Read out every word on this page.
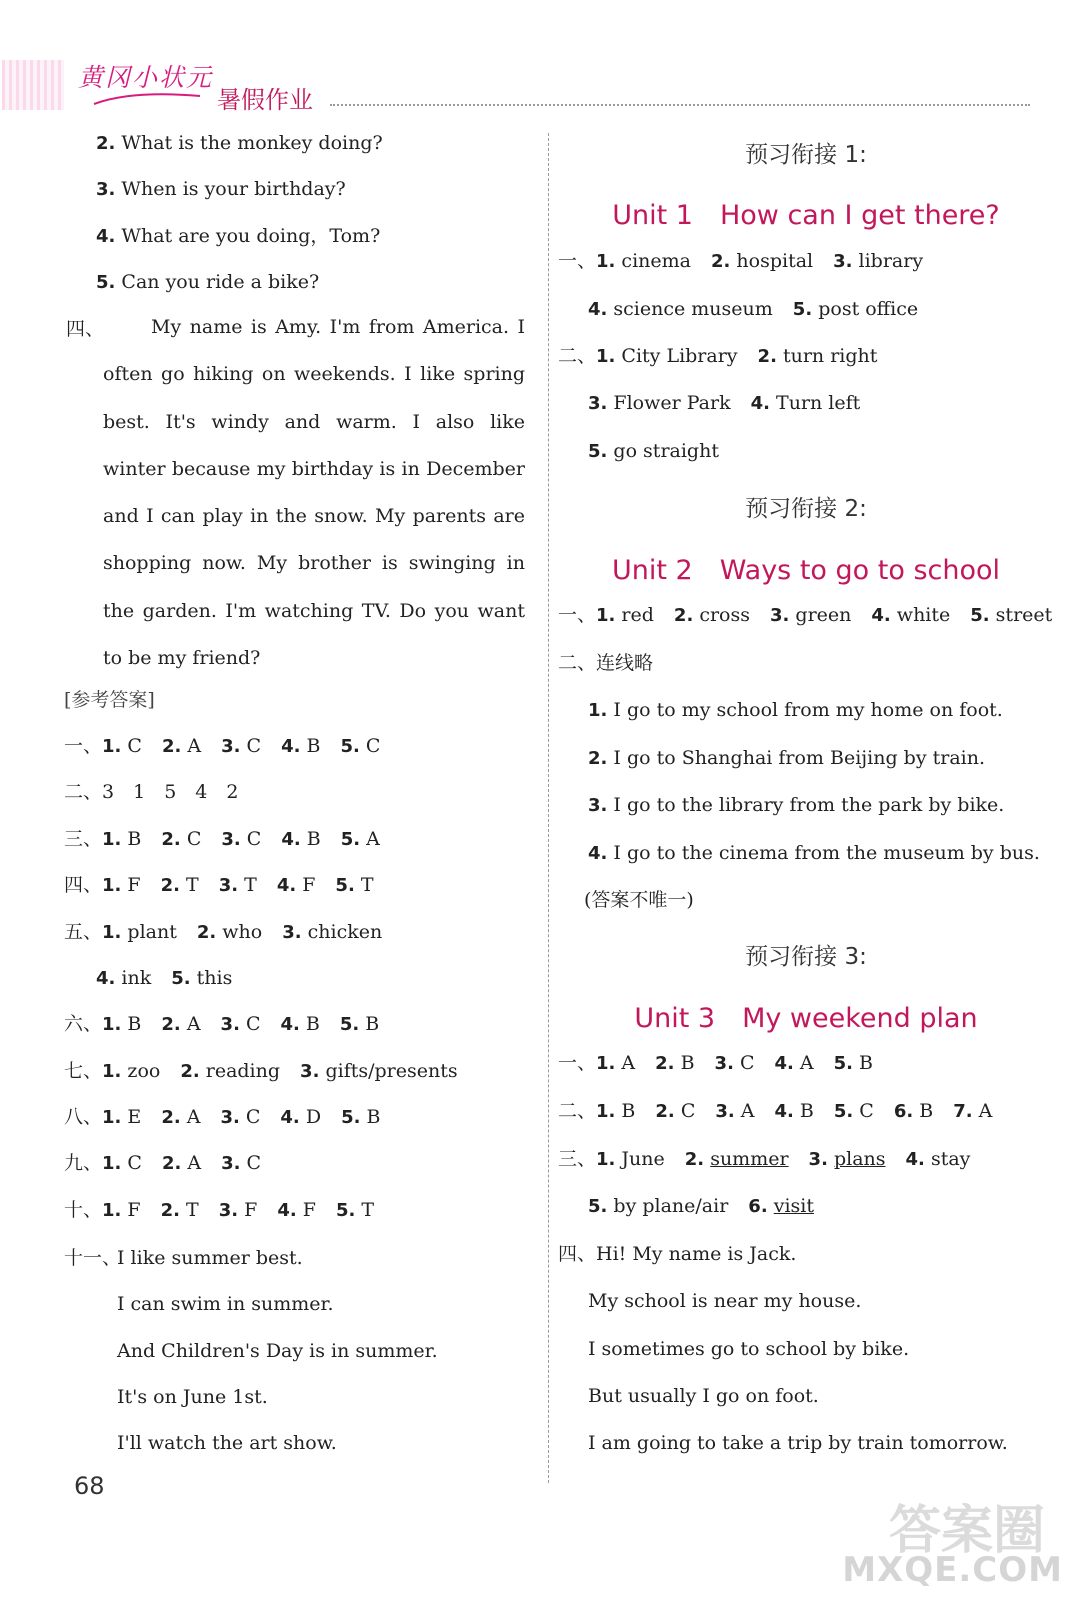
黄冈小状元
暑假作业
2. What is the monkey doing?
3. When is your birthday?
4. What are you doing，Tom?
5. Can you ride a bike?
四、	My name is Amy. I'm from America. I often go hiking on weekends. I like spring best. It's windy and warm. I also like winter because my birthday is in December and I can play in the snow. My parents are shopping now. My brother is swinging in the garden. I'm watching TV. Do you want to be my friend?
[参考答案]
一、1. C 2. A 3. C 4. B 5. C
二、3　1　5　4　2
三、1. B 2. C 3. C 4. B 5. A
四、1. F 2. T 3. T 4. F 5. T
五、1. plant 2. who 3. chicken
4. ink 5. this
六、1. B 2. A 3. C 4. B 5. B
七、1. zoo 2. reading 3. gifts/presents
八、1. E 2. A 3. C 4. D 5. B
九、1. C 2. A 3. C
十、1. F 2. T 3. F 4. F 5. T
十一、
I like summer best.
I can swim in summer.
And Children's Day is in summer.
It's on June 1st.
I'll watch the art show.
预习衔接 1:
Unit 1　How can I get there?
一、1. cinema 2. hospital 3. library
4. science museum 5. post office
二、1. City Library 2. turn right
3. Flower Park 4. Turn left
5. go straight
预习衔接 2:
Unit 2　Ways to go to school
一、1. red 2. cross 3. green 4. white 5. street
二、连线略
1. I go to my school from my home on foot.
2. I go to Shanghai from Beijing by train.
3. I go to the library from the park by bike.
4. I go to the cinema from the museum by bus.
(答案不唯一)
预习衔接 3:
Unit 3　My weekend plan
一、1. A 2. B 3. C 4. A 5. B
二、1. B 2. C 3. A 4. B 5. C 6. B 7. A
三、1. June 2. summer 3. plans 4. stay
5. by plane/air 6. visit
四、Hi! My name is Jack.
My school is near my house.
I sometimes go to school by bike.
But usually I go on foot.
I am going to take a trip by train tomorrow.
68
答案圈
MXQE.COM
